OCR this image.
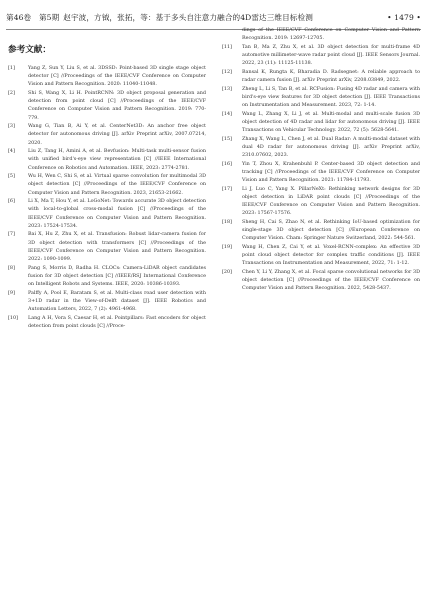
第46卷　第5期 赵宇波，方钺，张拓，等：基于多头自注意力融合的4D雷达三维目标检测	• 1479 •
参考文献：
[1]	Yang Z, Sun Y, Liu S, et al. 3DSSD: Point-based 3D single stage object detector [C] //Proceedings of the IEEE/CVF Conference on Computer Vision and Pattern Recognition. 2020: 11040-11048.
[2]	Shi S, Wang X, Li H. PointRCNN: 3D object proposal generation and detection from point cloud [C] //Proceedings of the IEEE/CVF Conference on Computer Vision and Pattern Recognition. 2019: 770-779.
[3]	Wang G, Tian B, Ai Y, et al. CenterNet3D: An anchor free object detector for autonomous driving [J]. arXiv Preprint arXiv, 2007.07214, 2020.
[4]	Liu Z, Tang H, Amini A, et al. Bevfusion: Multi-task multi-sensor fusion with unified bird's-eye view representation [C] //IEEE International Conference on Robotics and Automation. IEEE, 2023: 2774-2781.
[5]	Wu H, Wen C, Shi S, et al. Virtual sparse convolution for multimodal 3D object detection [C] //Proceedings of the IEEE/CVF Conference on Computer Vision and Pattern Recognition. 2023, 21653-21662.
[6]	Li X, Ma T, Hou Y, et al. LoGoNet: Towards accurate 3D object detection with local-to-global cross-modal fusion [C] //Proceedings of the IEEE/CVF Conference on Computer Vision and Pattern Recognition. 2023: 17524-17534.
[7]	Bai X, Hu Z, Zhu X, et al. Transfusion: Robust lidar-camera fusion for 3D object detection with transformers [C] //Proceedings of the IEEE/CVF Conference on Computer Vision and Pattern Recognition. 2022: 1090-1099.
[8]	Pang S, Morris D, Radha H. CLOCs: Camera-LiDAR object candidates fusion for 3D object detection [C] //IEEE/RSJ International Conference on Intelligent Robots and Systems. IEEE, 2020: 10386-10393.
[9]	Palffy A, Pool E, Baratam S, et al. Multi-class road user detection with 3+1D radar in the View-of-Delft dataset [J]. IEEE Robotics and Automation Letters, 2022, 7 (2): 4961-4968.
[10] Lang A H, Vora S, Caesar H, et al. Pointpillars: Fast encoders for object detection from point clouds [C] //Proce-
dings of the IEEE/CVF Conference on Computer Vision and Pattern Recognition. 2019: 12697-12705.
[11] Tan B, Ma Z, Zhu X, et al. 3D object detection for multi-frame 4D automotive millimeter-wave radar point cloud [J]. IEEE Sensors Journal. 2022, 23 (11): 11125-11138.
[12] Bansal K, Rungta K, Bharadia D. Radsegnet: A reliable approach to radar camera fusion [J]. arXiv Preprint arXiv, 2208.03849, 2022.
[13] Zheng L, Li S, Tan B, et al. RCFusion: Fusing 4D radar and camera with bird's-eye view features for 3D object detection [J]. IEEE Transactions on Instrumentation and Measurement. 2023, 72: 1-14.
[14] Wang L, Zhang X, Li J, et al. Multi-modal and multi-scale fusion 3D object detection of 4D radar and lidar for autonomous driving [J]. IEEE Transactions on Vehicular Technology. 2022, 72 (5): 5628-5641.
[15] Zhang X, Wang L, Chen J, et al. Dual Radar: A multi-modal dataset with dual 4D radar for autonomous driving [J]. arXiv Preprint arXiv, 2310.07602, 2023.
[16] Yin T, Zhou X, Krahenbuhl P. Center-based 3D object detection and tracking [C] //Proceedings of the IEEE/CVF Conference on Computer Vision and Pattern Recognition. 2021: 11784-11793.
[17] Li J, Luo C, Yang X. PillarNeXt: Rethinking network designs for 3D object detection in LiDAR point clouds [C] //Proceedings of the IEEE/CVF Conference on Computer Vision and Pattern Recognition. 2023: 17567-17576.
[18] Sheng H, Cai S, Zhao N, et al. Rethinking IoU-based optimization for single-stage 3D object detection [C] //European Conference on Computer Vision. Cham: Springer Nature Switzerland, 2022: 544-561.
[19] Wang H, Chen Z, Cai Y, et al. Voxel-RCNN-complex: An effective 3D point cloud object detector for complex traffic conditions [J]. IEEE Transactions on Instrumentation and Measurement, 2022, 71: 1-12.
[20] Chen Y, Li Y, Zhang X, et al. Focal sparse convolutional networks for 3D object detection [C] //Proceedings of the IEEE/CVF Conference on Computer Vision and Pattern Recognition. 2022, 5428-5437.
